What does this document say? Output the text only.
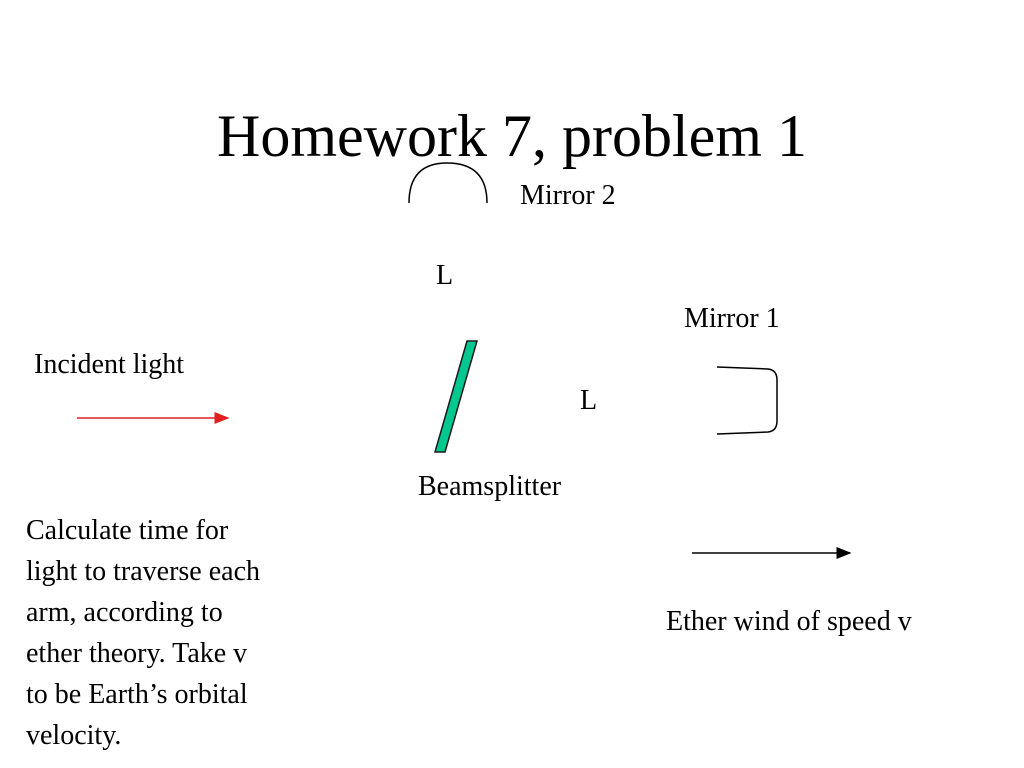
Homework 7, problem 1
Mirror 2
L
Mirror 1
Incident light
L
Beamsplitter
Ether wind of speed v
Calculate time for
light to traverse each
arm, according to
ether theory. Take v
to be Earth’s orbital
velocity.
